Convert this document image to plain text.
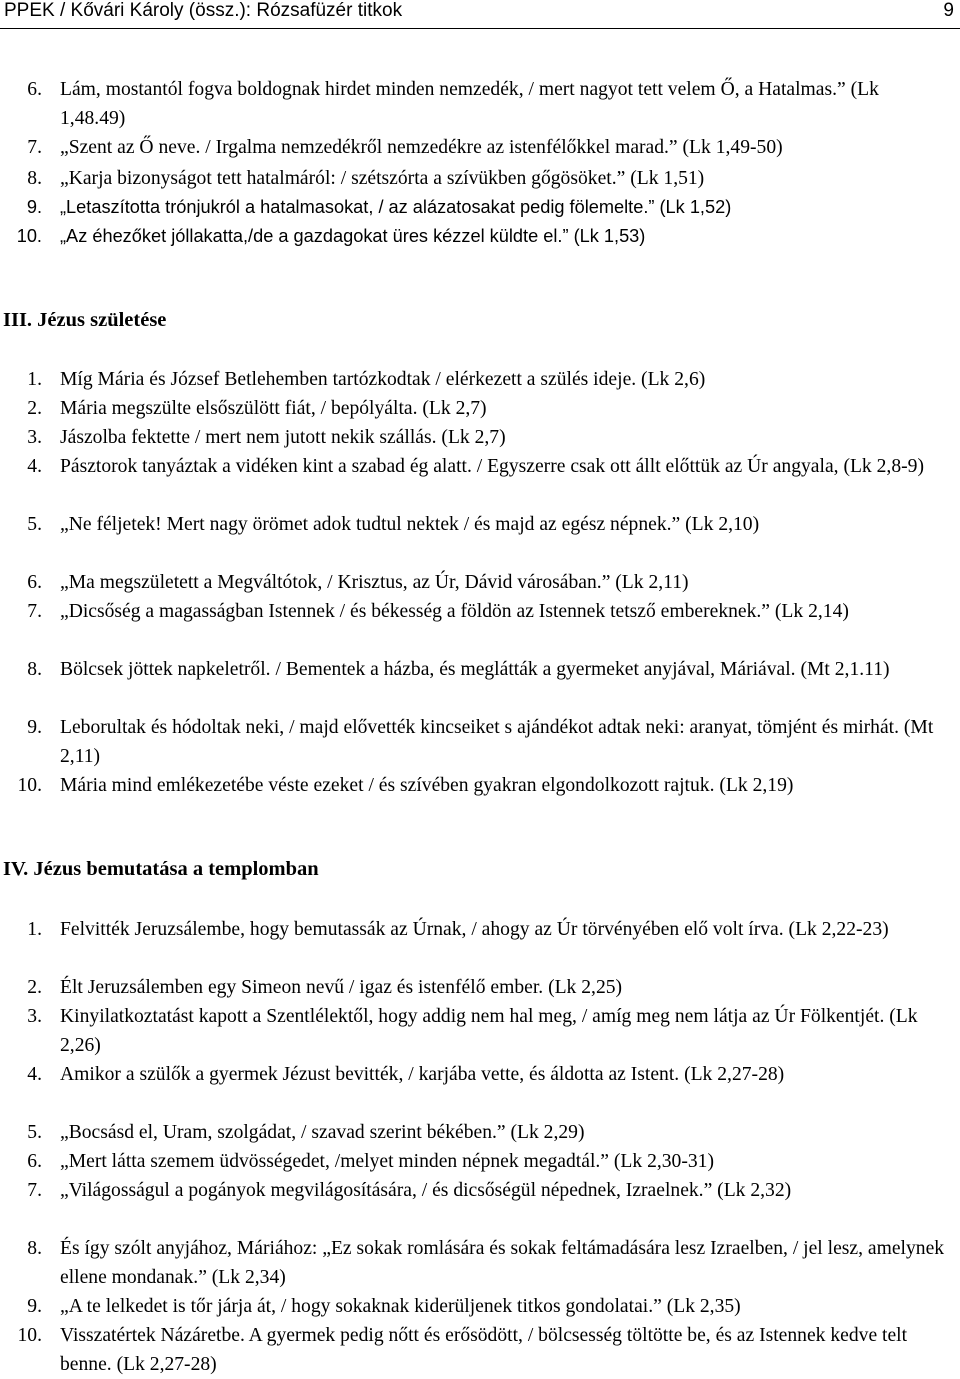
PPEK / Kővári Károly (össz.): Rózsafüzér titkok	9
6. Lám, mostantól fogva boldognak hirdet minden nemzedék, / mert nagyot tett velem Ő, a Hatalmas.” (Lk 1,48.49)
7. „Szent az Ő neve. / Irgalma nemzedékről nemzedékre az istenfélőkkel marad.” (Lk 1,49-50)
8. „Karja bizonyságot tett hatalmáról: / szétszórta a szívükben gőgösöket.” (Lk 1,51)
9. „Letaszította trónjukról a hatalmasokat, / az alázatosakat pedig fölemelte.” (Lk 1,52)
10. „Az éhezőket jóllakatta,/de a gazdagokat üres kézzel küldte el.” (Lk 1,53)
III. Jézus születése
1. Míg Mária és József Betlehemben tartózkodtak / elérkezett a szülés ideje. (Lk 2,6)
2. Mária megszülte elsőszülött fiát, / bepólyálta. (Lk 2,7)
3. Jászolba fektette / mert nem jutott nekik szállás. (Lk 2,7)
4. Pásztorok tanyáztak a vidéken kint a szabad ég alatt. / Egyszerre csak ott állt előttük az Úr angyala, (Lk 2,8-9)
5. „Ne féljetek! Mert nagy örömet adok tudtul nektek / és majd az egész népnek.” (Lk 2,10)
6. „Ma megszületett a Megváltótok, / Krisztus, az Úr, Dávid városában.” (Lk 2,11)
7. „Dicsőség a magasságban Istennek / és békesség a földön az Istennek tetsző embereknek.” (Lk 2,14)
8. Bölcsek jöttek napkeletről. / Bementek a házba, és meglátták a gyermeket anyjával, Máriával. (Mt 2,1.11)
9. Leborultak és hódoltak neki, / majd elővették kincseiket s ajándékot adtak neki: aranyat, tömjént és mirhát. (Mt 2,11)
10. Mária mind emlékezetébe véste ezeket / és szívében gyakran elgondolkozott rajtuk. (Lk 2,19)
IV. Jézus bemutatása a templomban
1. Felvitték Jeruzsálembe, hogy bemutassák az Úrnak, / ahogy az Úr törvényében elő volt írva. (Lk 2,22-23)
2. Élt Jeruzsálemben egy Simeon nevű / igaz és istenfélő ember. (Lk 2,25)
3. Kinyilatkoztatást kapott a Szentlélektől, hogy addig nem hal meg, / amíg meg nem látja az Úr Fölkentjét. (Lk 2,26)
4. Amikor a szülők a gyermek Jézust bevitték, / karjába vette, és áldotta az Istent. (Lk 2,27-28)
5. „Bocsásd el, Uram, szolgádat, / szavad szerint békében.” (Lk 2,29)
6. „Mert látta szemem üdvösségedet, /melyet minden népnek megadtál.” (Lk 2,30-31)
7. „Világosságul a pogányok megvilágosítására, / és dicsőségül népednek, Izraelnek.” (Lk 2,32)
8. És így szólt anyjához, Máriához: „Ez sokak romlására és sokak feltámadására lesz Izraelben, / jel lesz, amelynek ellene mondanak.” (Lk 2,34)
9. „A te lelkedet is tőr járja át, / hogy sokaknak kiderüljenek titkos gondolatai.” (Lk 2,35)
10. Visszatértek Názáretbe. A gyermek pedig nőtt és erősödött, / bölcsesség töltötte be, és az Istennek kedve telt benne. (Lk 2,27-28)
